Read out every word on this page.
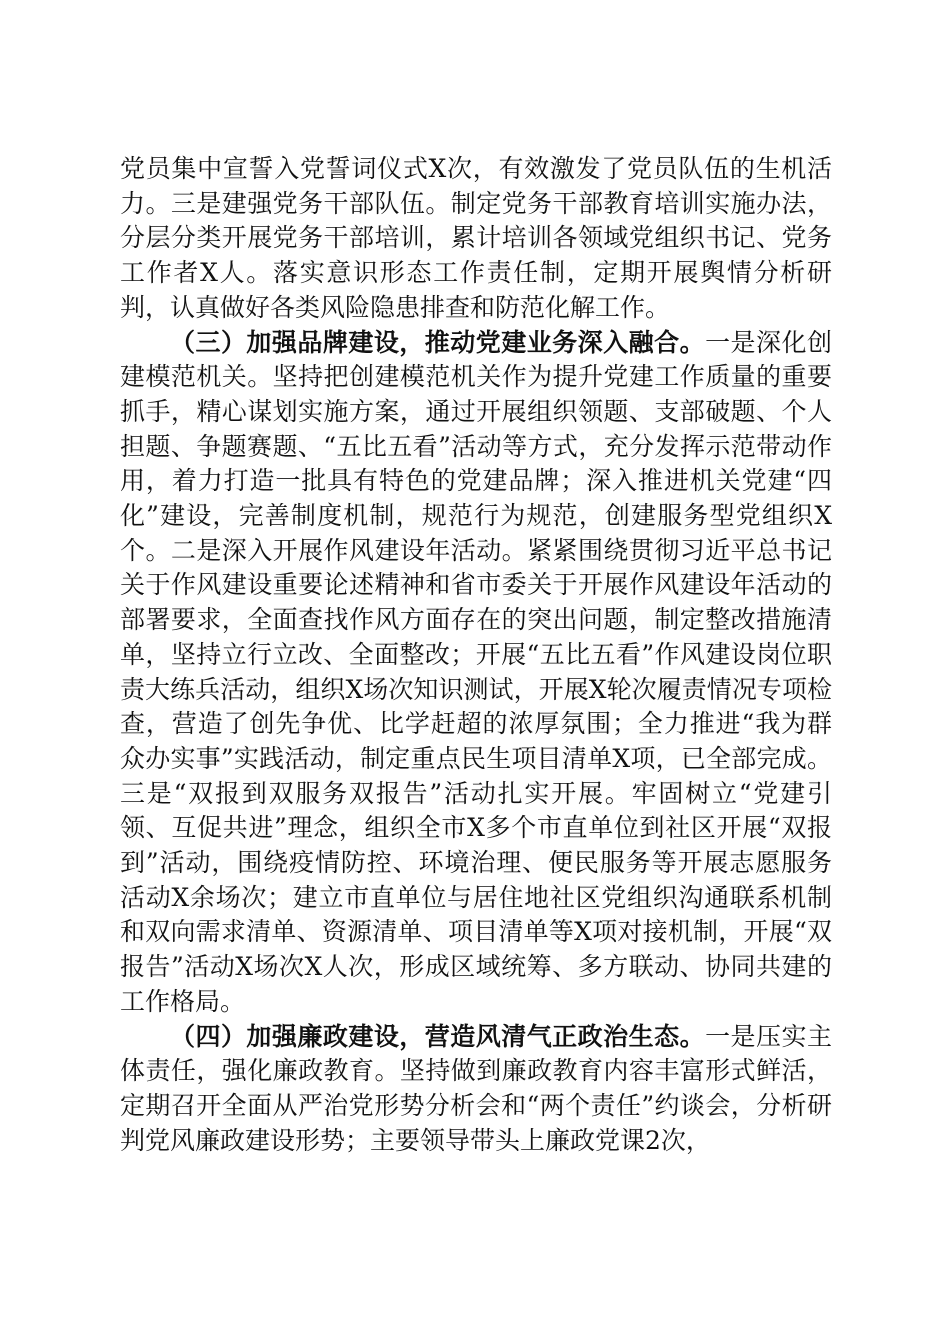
党员集中宣誓入党誓词仪式X次，有效激发了党员队伍的生机活力。三是建强党务干部队伍。制定党务干部教育培训实施办法，分层分类开展党务干部培训，累计培训各领域党组织书记、党务工作者X人。落实意识形态工作责任制，定期开展舆情分析研判，认真做好各类风险隐患排查和防范化解工作。

（三）加强品牌建设，推动党建业务深入融合。一是深化创建模范机关。坚持把创建模范机关作为提升党建工作质量的重要抓手，精心谋划实施方案，通过开展组织领题、支部破题、个人担题、争题赛题、“五比五看”活动等方式，充分发挥示范带动作用，着力打造一批具有特色的党建品牌；深入推进机关党建“四化”建设，完善制度机制，规范行为规范，创建服务型党组织X个。二是深入开展作风建设年活动。紧紧围绕贯彻习近平总书记关于作风建设重要论述精神和省市委关于开展作风建设年活动的部署要求，全面查找作风方面存在的突出问题，制定整改措施清单，坚持立行立改、全面整改；开展“五比五看”作风建设岗位职责大练兵活动，组织X场次知识测试，开展X轮次履责情况专项检查，营造了创先争优、比学赶超的浓厚氛围；全力推进“我为群众办实事”实践活动，制定重点民生项目清单X项，已全部完成。三是“双报到双服务双报告”活动扎实开展。牢固树立“党建引领、互促共进”理念，组织全市X多个市直单位到社区开展“双报到”活动，围绕疫情防控、环境治理、便民服务等开展志愿服务活动X余场次；建立市直单位与居住地社区党组织沟通联系机制和双向需求清单、资源清单、项目清单等X项对接机制，开展“双报告”活动X场次X人次，形成区域统筹、多方联动、协同共建的工作格局。

（四）加强廉政建设，营造风清气正政治生态。一是压实主体责任，强化廉政教育。坚持做到廉政教育内容丰富形式鲜活，定期召开全面从严治党形势分析会和“两个责任”约谈会，分析研判党风廉政建设形势；主要领导带头上廉政党课2次，
